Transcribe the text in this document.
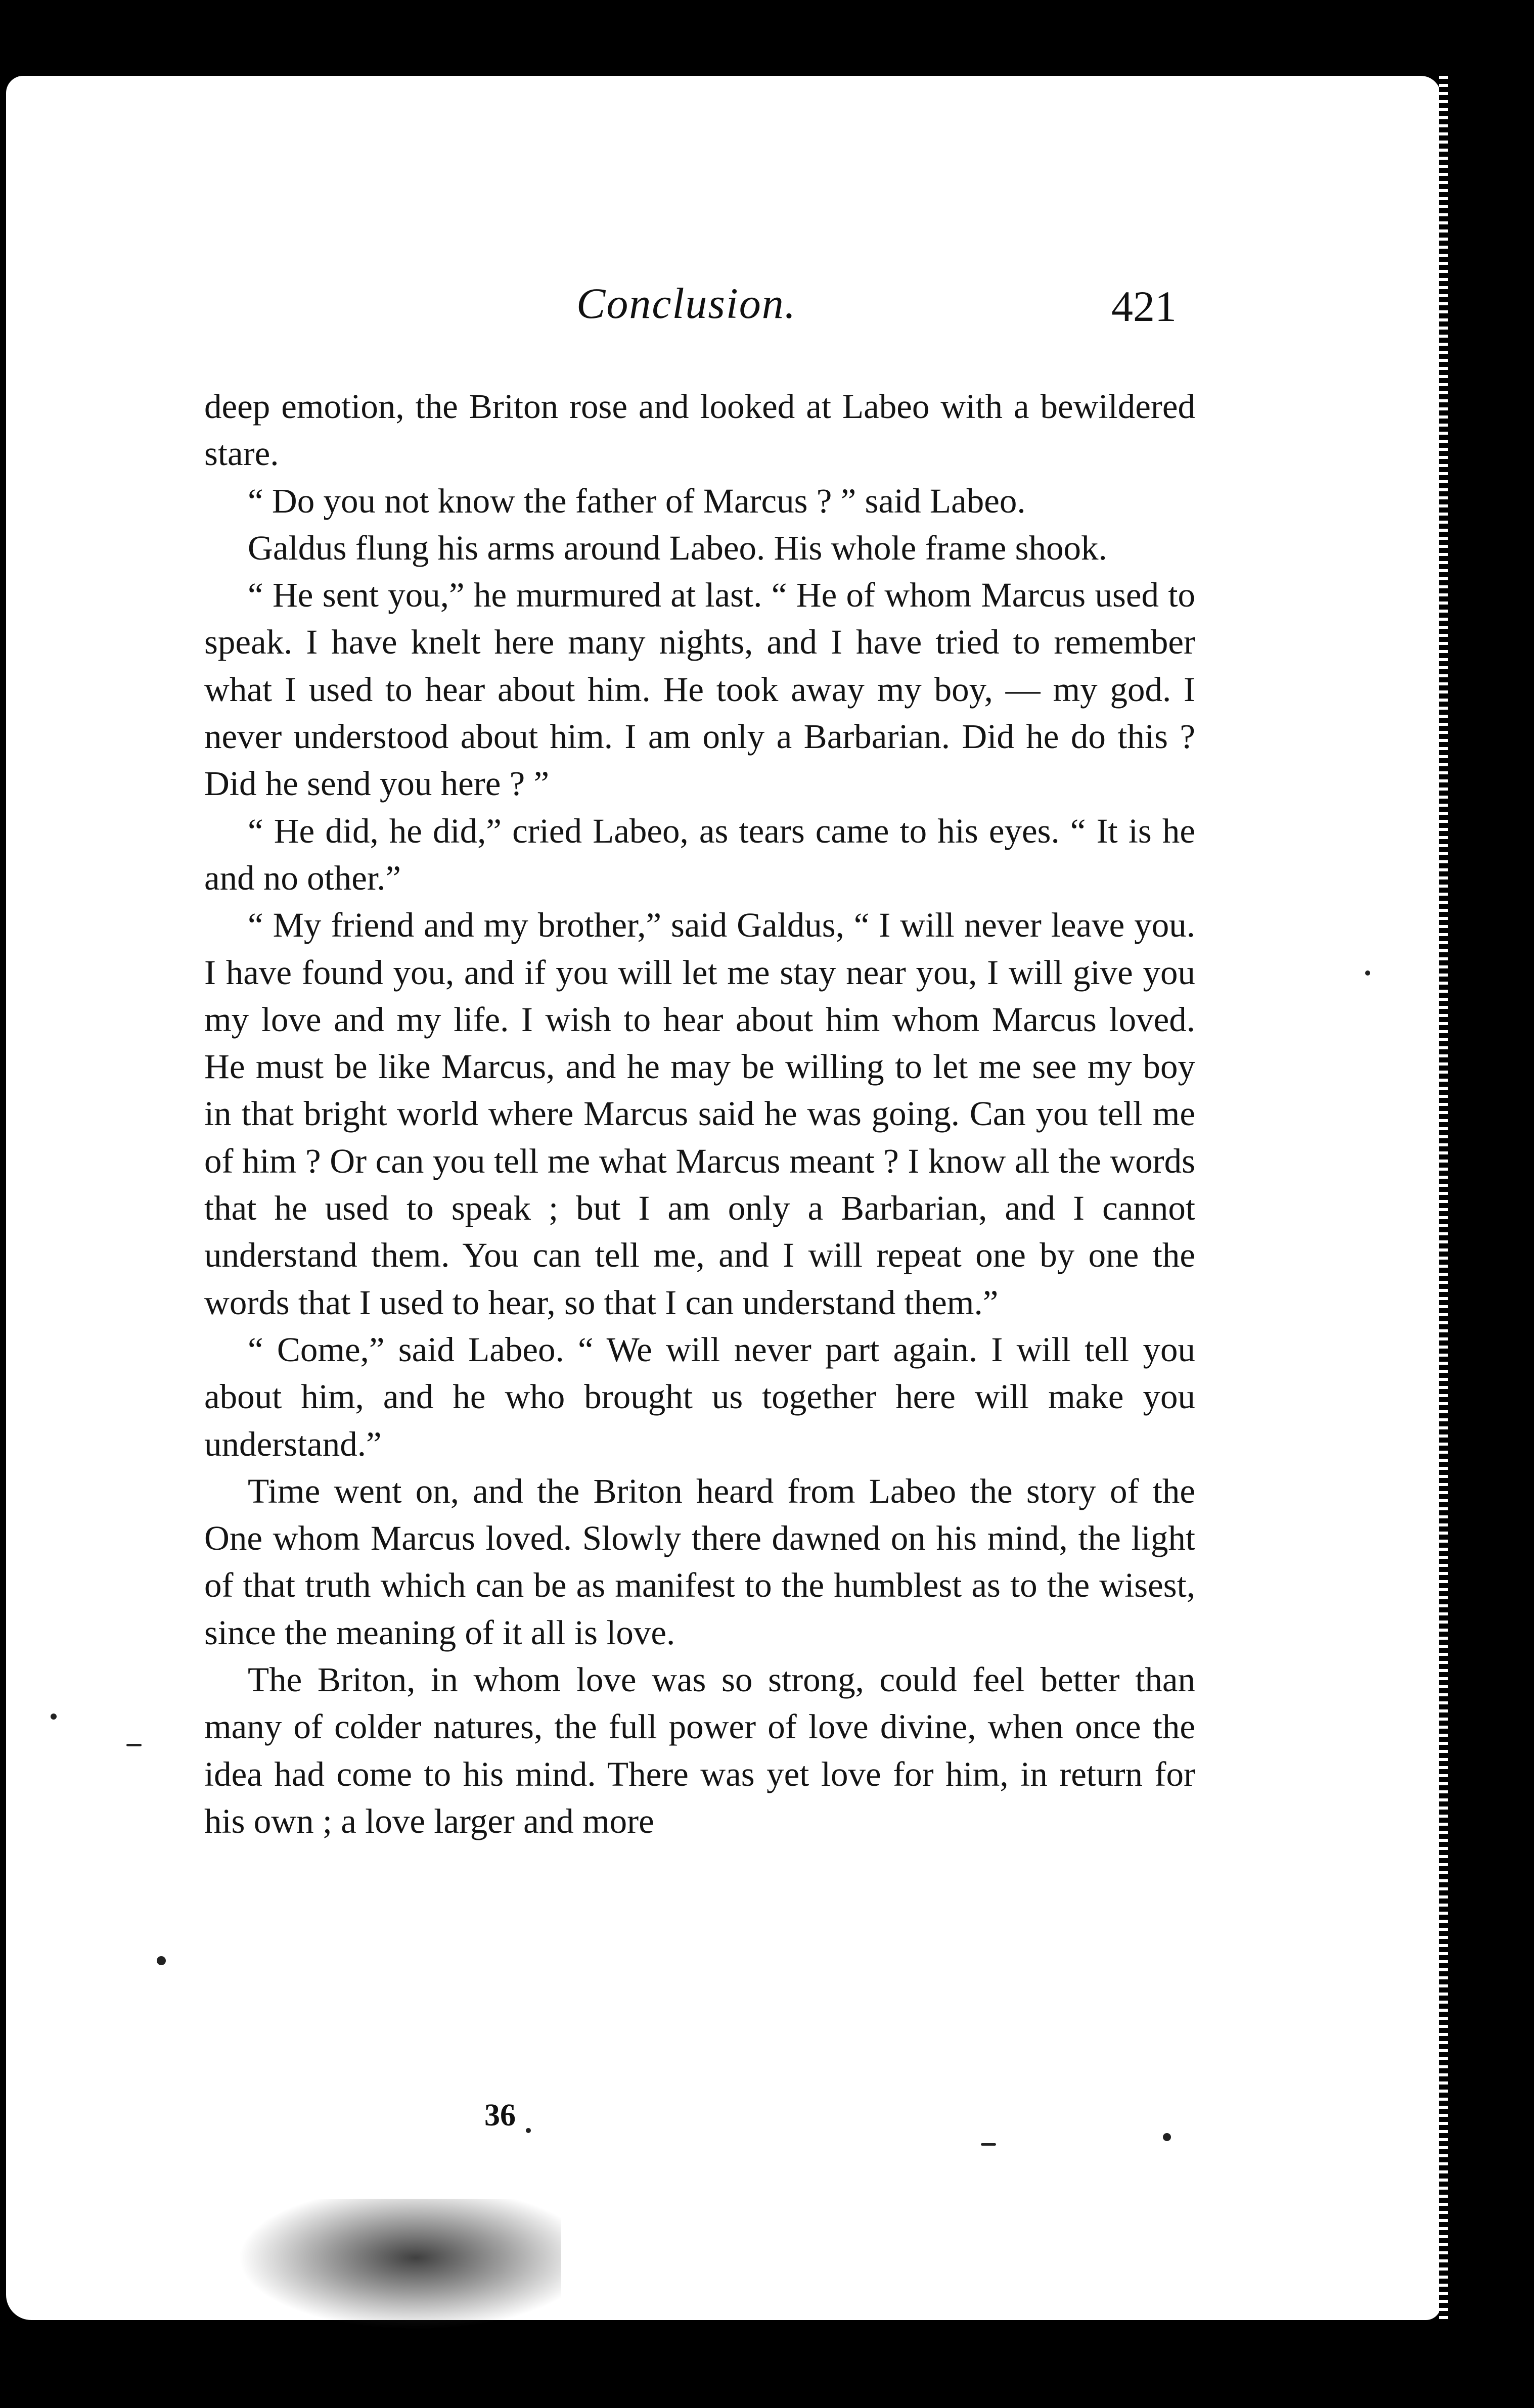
Conclusion.	421

deep emotion, the Briton rose and looked at Labeo with a bewildered stare.

“ Do you not know the father of Marcus ? ” said Labeo.

Galdus flung his arms around Labeo. His whole frame shook.

“ He sent you,” he murmured at last. “ He of whom Marcus used to speak. I have knelt here many nights, and I have tried to remember what I used to hear about him. He took away my boy, — my god. I never understood about him. I am only a Barbarian. Did he do this ? Did he send you here ? ”

“ He did, he did,” cried Labeo, as tears came to his eyes. “ It is he and no other.”

“ My friend and my brother,” said Galdus, “ I will never leave you. I have found you, and if you will let me stay near you, I will give you my love and my life. I wish to hear about him whom Marcus loved. He must be like Marcus, and he may be willing to let me see my boy in that bright world where Marcus said he was going. Can you tell me of him ? Or can you tell me what Marcus meant ? I know all the words that he used to speak ; but I am only a Barbarian, and I cannot understand them. You can tell me, and I will repeat one by one the words that I used to hear, so that I can understand them.”

“ Come,” said Labeo. “ We will never part again. I will tell you about him, and he who brought us together here will make you understand.”

Time went on, and the Briton heard from Labeo the story of the One whom Marcus loved. Slowly there dawned on his mind, the light of that truth which can be as manifest to the humblest as to the wisest, since the meaning of it all is love.

The Briton, in whom love was so strong, could feel better than many of colder natures, the full power of love divine, when once the idea had come to his mind. There was yet love for him, in return for his own ; a love larger and more

36
